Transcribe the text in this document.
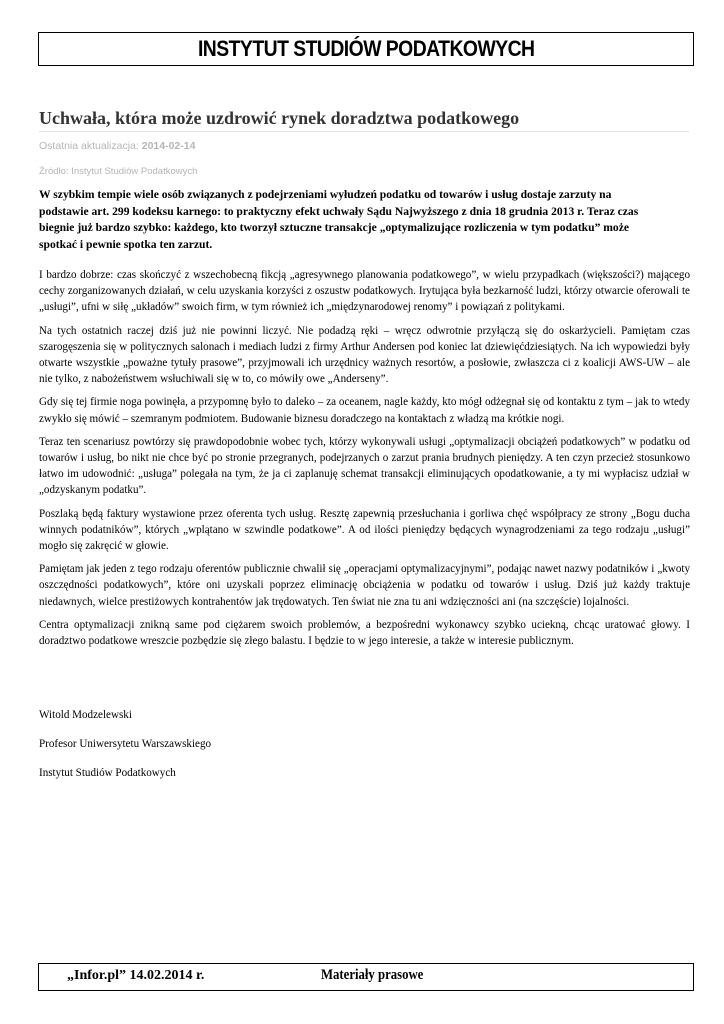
INSTYTUT STUDIÓW PODATKOWYCH
Uchwała, która może uzdrowić rynek doradztwa podatkowego
Ostatnia aktualizacja: 2014-02-14
Źródło: Instytut Studiów Podatkowych

W szybkim tempie wiele osób związanych z podejrzeniami wyłudzeń podatku od towarów i usług dostaje zarzuty na podstawie art. 299 kodeksu karnego: to praktyczny efekt uchwały Sądu Najwyższego z dnia 18 grudnia 2013 r. Teraz czas biegnie już bardzo szybko: każdego, kto tworzył sztuczne transakcje „optymalizujące rozliczenia w tym podatku” może spotkać i pewnie spotka ten zarzut.

I bardzo dobrze: czas skończyć z wszechobecną fikcją „agresywnego planowania podatkowego”, w wielu przypadkach (większości?) mającego cechy zorganizowanych działań, w celu uzyskania korzyści z oszustw podatkowych. Irytująca była bezkarność ludzi, którzy otwarcie oferowali te „usługi”, ufni w siłę „układów” swoich firm, w tym również ich „międzynarodowej renomy” i powiązań z politykami.

Na tych ostatnich raczej dziś już nie powinni liczyć. Nie podadzą ręki – wręcz odwrotnie przyłączą się do oskarżycieli. Pamiętam czas szarogęszenia się w politycznych salonach i mediach ludzi z firmy Arthur Andersen pod koniec lat dziewięćdziesiątych. Na ich wypowiedzi były otwarte wszystkie „poważne tytuły prasowe”, przyjmowali ich urzędnicy ważnych resortów, a posłowie, zwłaszcza ci z koalicji AWS-UW – ale nie tylko, z nabożeństwem wsłuchiwali się w to, co mówiły owe „Anderseny”.

Gdy się tej firmie noga powinęła, a przypomnę było to daleko – za oceanem, nagle każdy, kto mógł odżegnał się od kontaktu z tym – jak to wtedy zwykło się mówić – szemranym podmiotem. Budowanie biznesu doradczego na kontaktach z władzą ma krótkie nogi.

Teraz ten scenariusz powtórzy się prawdopodobnie wobec tych, którzy wykonywali usługi „optymalizacji obciążeń podatkowych” w podatku od towarów i usług, bo nikt nie chce być po stronie przegranych, podejrzanych o zarzut prania brudnych pieniędzy. A ten czyn przecież stosunkowo łatwo im udowodnić: „usługa” polegała na tym, że ja ci zaplanuję schemat transakcji eliminujących opodatkowanie, a ty mi wypłacisz udział w „odzyskanym podatku”.

Poszlaką będą faktury wystawione przez oferenta tych usług. Resztę zapewnią przesłuchania i gorliwa chęć współpracy ze strony „Bogu ducha winnych podatników”, których „wplątano w szwindle podatkowe”. A od ilości pieniędzy będących wynagrodzeniami za tego rodzaju „usługi” mogło się zakręcić w głowie.

Pamiętam jak jeden z tego rodzaju oferentów publicznie chwalił się „operacjami optymalizacyjnymi”, podając nawet nazwy podatników i „kwoty oszczędności podatkowych”, które oni uzyskali poprzez eliminację obciążenia w podatku od towarów i usług. Dziś już każdy traktuje niedawnych, wielce prestiżowych kontrahentów jak trędowatych. Ten świat nie zna tu ani wdzięczności ani (na szczęście) lojalności.

Centra optymalizacji znikną same pod ciężarem swoich problemów, a bezpośredni wykonawcy szybko uciekną, chcąc uratować głowy. I doradztwo podatkowe wreszcie pozbędzie się złego balastu. I będzie to w jego interesie, a także w interesie publicznym.

Witold Modzelewski
Profesor Uniwersytetu Warszawskiego
Instytut Studiów Podatkowych
„Infor.pl” 14.02.2014 r.	Materiały prasowe
